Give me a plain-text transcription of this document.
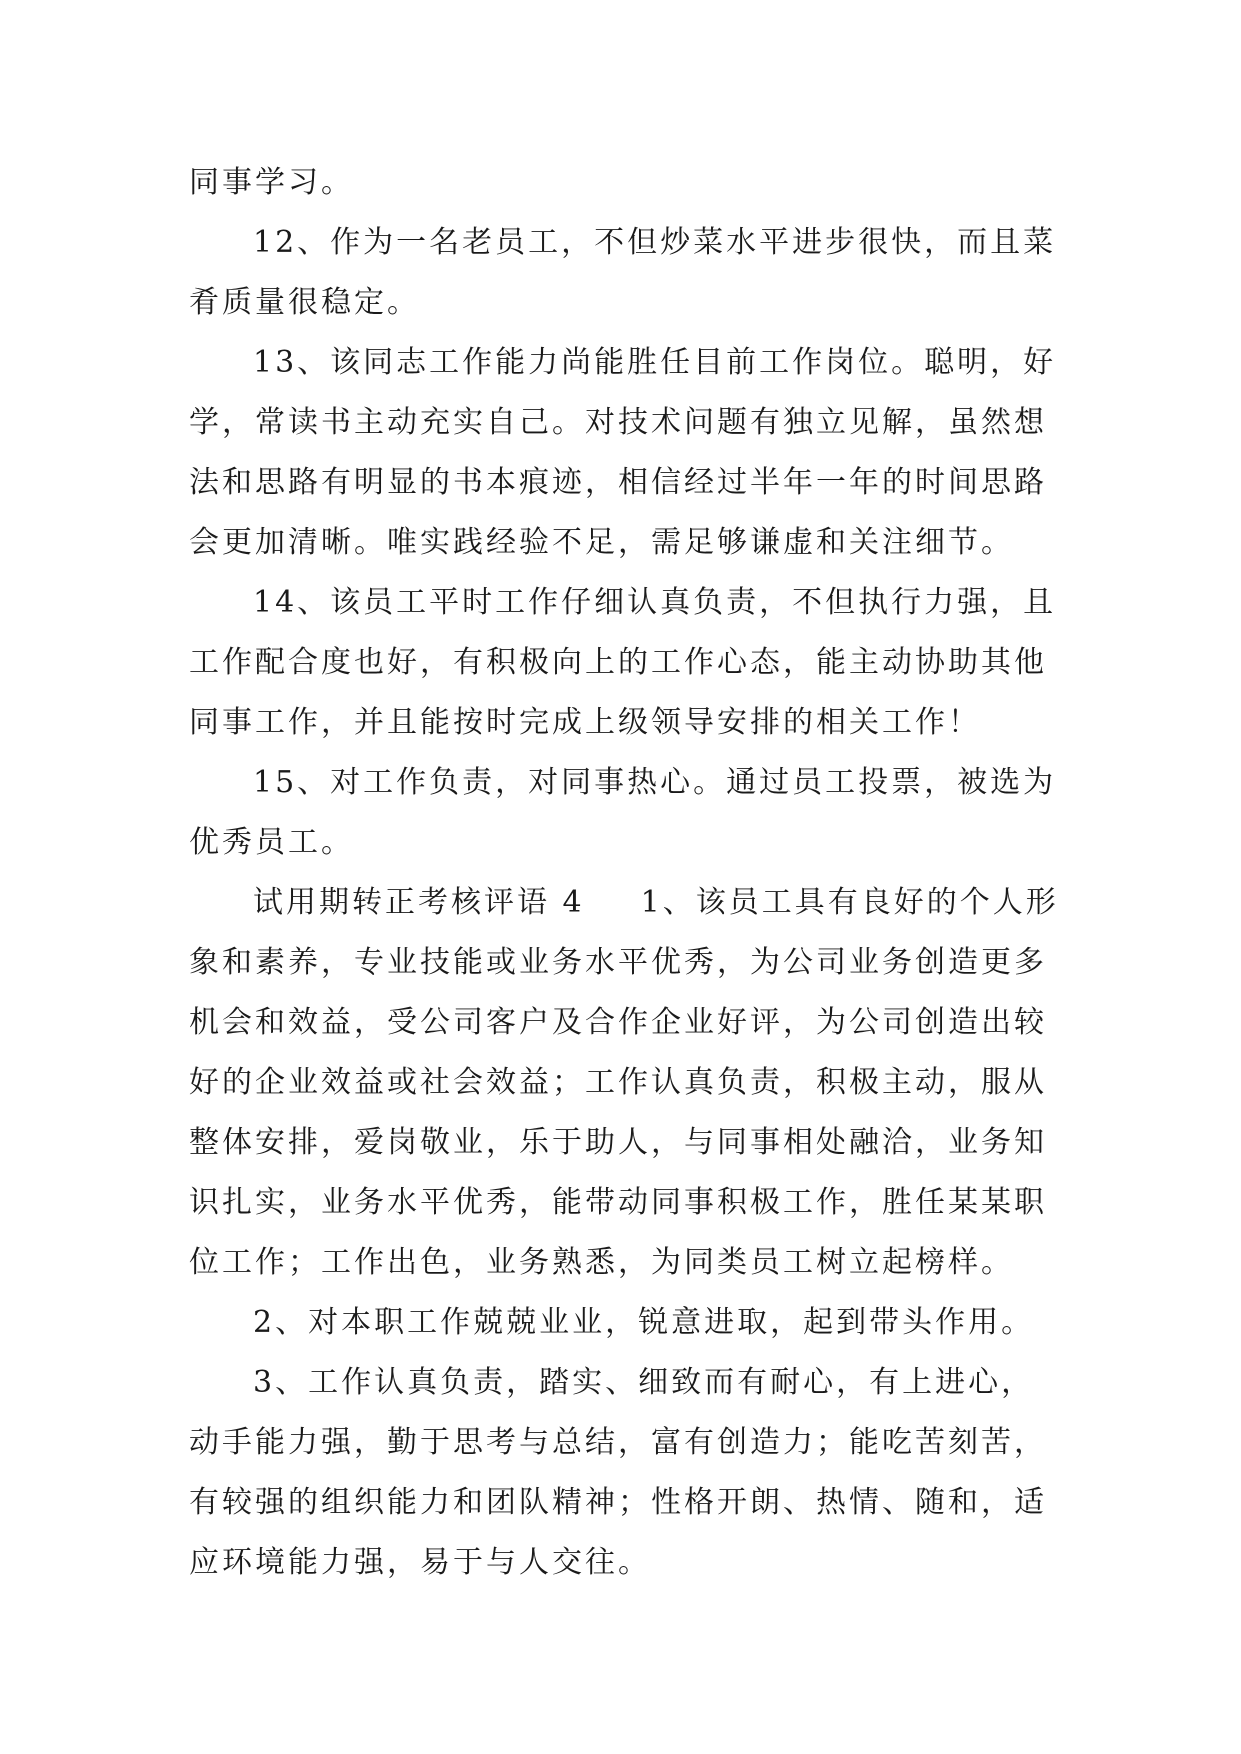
同事学习。
12、作为一名老员工，不但炒菜水平进步很快，而且菜
肴质量很稳定。
13、该同志工作能力尚能胜任目前工作岗位。聪明，好
学，常读书主动充实自己。对技术问题有独立见解，虽然想
法和思路有明显的书本痕迹，相信经过半年一年的时间思路
会更加清晰。唯实践经验不足，需足够谦虚和关注细节。
14、该员工平时工作仔细认真负责，不但执行力强，且
工作配合度也好，有积极向上的工作心态，能主动协助其他
同事工作，并且能按时完成上级领导安排的相关工作！
15、对工作负责，对同事热心。通过员工投票，被选为
优秀员工。
试用期转正考核评语 4 1、该员工具有良好的个人形
象和素养，专业技能或业务水平优秀，为公司业务创造更多
机会和效益，受公司客户及合作企业好评，为公司创造出较
好的企业效益或社会效益；工作认真负责，积极主动，服从
整体安排，爱岗敬业，乐于助人，与同事相处融洽，业务知
识扎实，业务水平优秀，能带动同事积极工作，胜任某某职
位工作；工作出色，业务熟悉，为同类员工树立起榜样。
2、对本职工作兢兢业业，锐意进取，起到带头作用。
3、工作认真负责，踏实、细致而有耐心，有上进心，
动手能力强，勤于思考与总结，富有创造力；能吃苦刻苦，
有较强的组织能力和团队精神；性格开朗、热情、随和，适
应环境能力强，易于与人交往。
